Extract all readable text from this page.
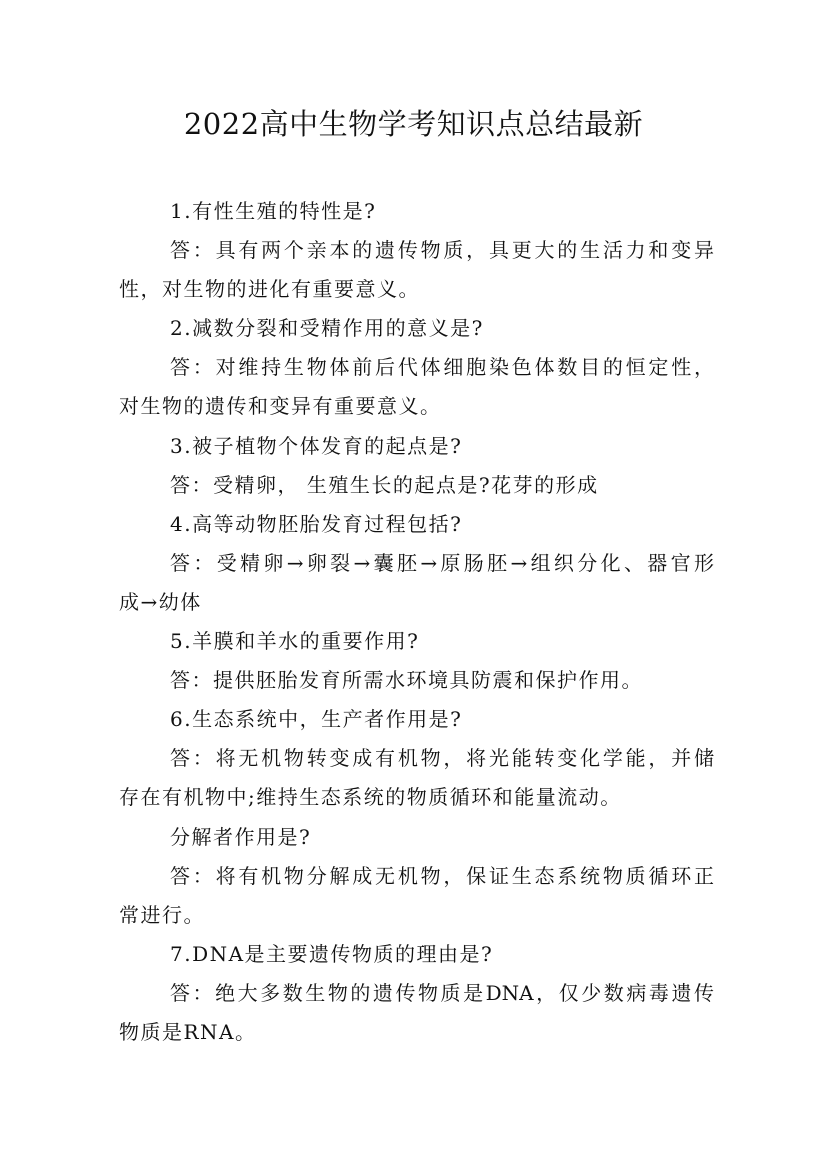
2022高中生物学考知识点总结最新
1.有性生殖的特性是?
答：具有两个亲本的遗传物质，具更大的生活力和变异
性，对生物的进化有重要意义。
2.减数分裂和受精作用的意义是?
答：对维持生物体前后代体细胞染色体数目的恒定性，
对生物的遗传和变异有重要意义。
3.被子植物个体发育的起点是?
答：受精卵， 生殖生长的起点是?花芽的形成
4.高等动物胚胎发育过程包括?
答：受精卵→卵裂→囊胚→原肠胚→组织分化、器官形
成→幼体
5.羊膜和羊水的重要作用?
答：提供胚胎发育所需水环境具防震和保护作用。
6.生态系统中，生产者作用是?
答：将无机物转变成有机物，将光能转变化学能，并储
存在有机物中;维持生态系统的物质循环和能量流动。
分解者作用是?
答：将有机物分解成无机物，保证生态系统物质循环正
常进行。
7.DNA是主要遗传物质的理由是?
答：绝大多数生物的遗传物质是DNA，仅少数病毒遗传
物质是RNA。
